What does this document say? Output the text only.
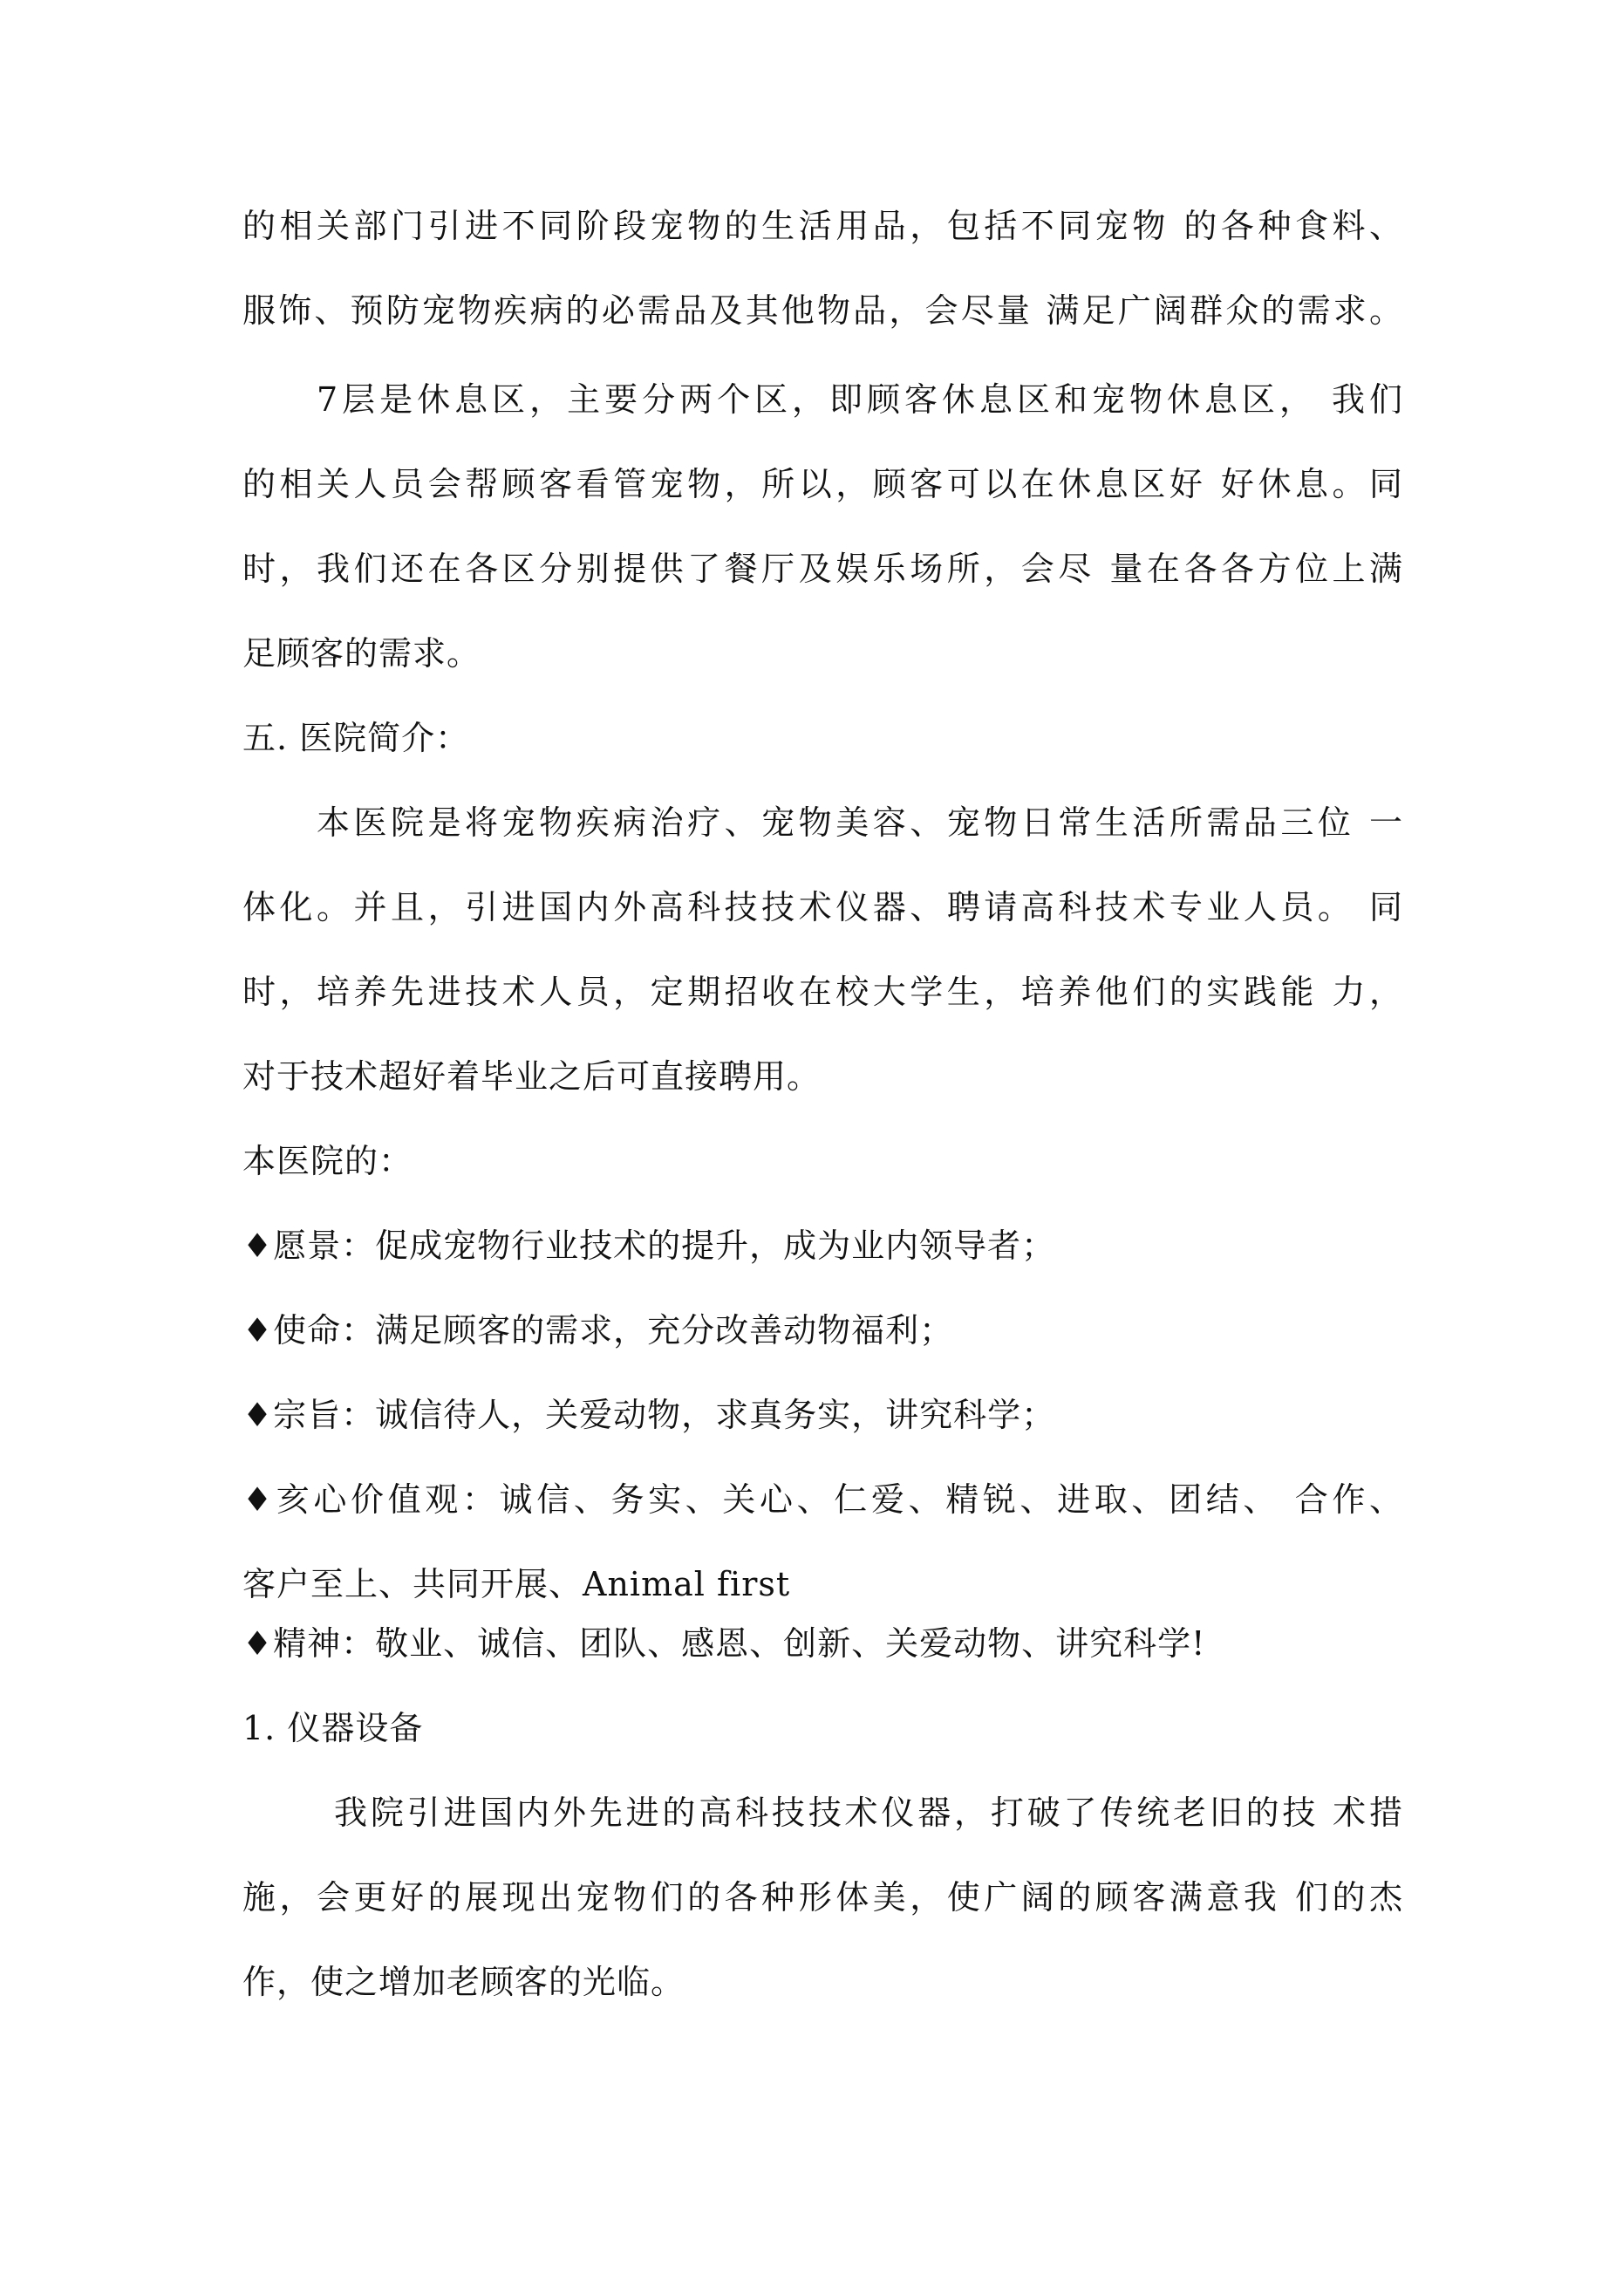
的相关部门引进不同阶段宠物的生活用品，包括不同宠物 的各种食料、
服饰、预防宠物疾病的必需品及其他物品，会尽量 满足广阔群众的需求。
7层是休息区，主要分两个区，即顾客休息区和宠物休息区， 我们
的相关人员会帮顾客看管宠物，所以，顾客可以在休息区好 好休息。同
时，我们还在各区分别提供了餐厅及娱乐场所，会尽 量在各各方位上满
足顾客的需求。
五. 医院简介：
本医院是将宠物疾病治疗、宠物美容、宠物日常生活所需品三位 一
体化。并且，引进国内外高科技技术仪器、聘请高科技术专业人员。 同
时，培养先进技术人员，定期招收在校大学生，培养他们的实践能 力，
对于技术超好着毕业之后可直接聘用。
本医院的：
♦愿景：促成宠物行业技术的提升，成为业内领导者；
♦使命：满足顾客的需求，充分改善动物福利；
♦宗旨：诚信待人，关爱动物，求真务实，讲究科学；
♦亥心价值观：诚信、务实、关心、仁爱、精锐、进取、团结、 合作、
客户至上、共同开展、Animal first
♦精神：敬业、诚信、团队、感恩、创新、关爱动物、讲究科学!
1. 仪器设备
我院引进国内外先进的高科技技术仪器，打破了传统老旧的技 术措
施，会更好的展现出宠物们的各种形体美，使广阔的顾客满意我 们的杰
作，使之增加老顾客的光临。
